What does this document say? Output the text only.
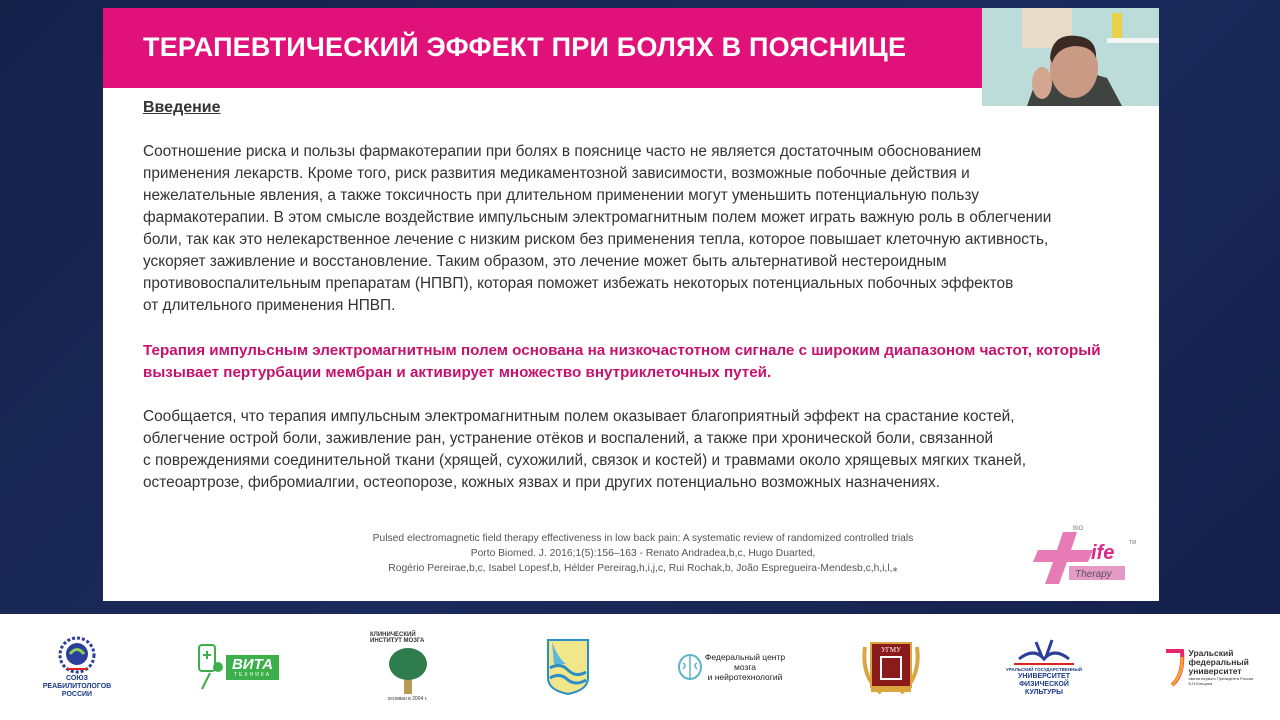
ТЕРАПЕВТИЧЕСКИЙ ЭФФЕКТ ПРИ БОЛЯХ В ПОЯСНИЦЕ
Введение
Соотношение риска и пользы фармакотерапии при болях в пояснице часто не является достаточным обоснованием
применения лекарств. Кроме того, риск развития медикаментозной зависимости, возможные побочные действия и
нежелательные явления, а также токсичность при длительном применении могут уменьшить потенциальную пользу
фармакотерапии. В этом смысле воздействие импульсным электромагнитным полем может играть важную роль в облегчении
боли, так как это нелекарственное лечение с низким риском без применения тепла, которое повышает клеточную активность,
ускоряет заживление и восстановление. Таким образом, это лечение может быть альтернативой нестероидным
противовоспалительным препаратам (НПВП), которая поможет избежать некоторых потенциальных побочных эффектов
от длительного применения НПВП.
Терапия импульсным электромагнитным полем основана на низкочастотном сигнале с широким диапазоном частот, который
вызывает пертурбации мембран и активирует множество внутриклеточных путей.
Сообщается, что терапия импульсным электромагнитным полем оказывает благоприятный эффект на срастание костей,
облегчение острой боли, заживление ран, устранение отёков и воспалений, а также при хронической боли, связанной
с повреждениями соединительной ткани (хрящей, сухожилий, связок и костей) и травмами около хрящевых мягких тканей,
остеоартрозе, фибромиалгии, остеопорозе, кожных язвах и при других потенциально возможных назначениях.
Pulsed electromagnetic field therapy effectiveness in low back pain: A systematic review of randomized controlled trials
Porto Biomed. J. 2016;1(5):156–163 - Renato Andradea,b,c, Hugo Duarted,
Rogério Pereirae,b,c, Isabel Lopesf,b, Hélder Pereirag,h,i,j,c, Rui Rochak,b, João Espregueira-Mendesb,c,h,i,l,⁎
ife
BIO
TM
Therapy
СОЮЗ
РЕАБИЛИТОЛОГОВ
РОССИИ
ВИТА
ТЕХНИКА
КЛИНИЧЕСКИЙ ИНСТИТУТ МОЗГА
основан в 2004 г.
Федеральный центр
мозга
и нейротехнологий
УГМУ
УРАЛЬСКИЙ ГОСУДАРСТВЕННЫЙ
УНИВЕРСИТЕТ
ФИЗИЧЕСКОЙ КУЛЬТУРЫ
Уральский
федеральный
университет
имени первого Президента России Б.Н.Ельцина
